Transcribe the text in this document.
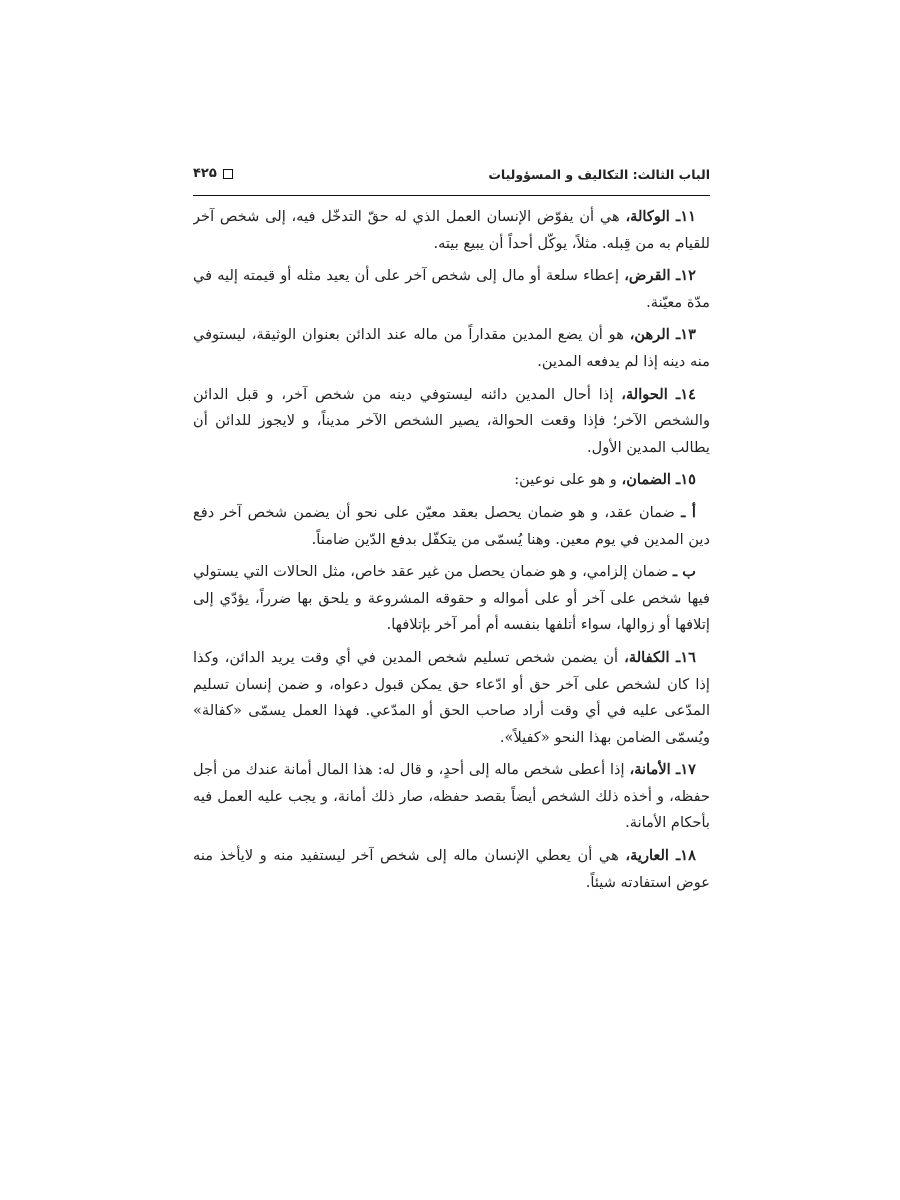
الباب الثالث: التكاليف و المسؤوليات
۴۲۵

١١ـ الوكالة، هي أن يفوّض الإنسان العمل الذي له حقّ التدخّل فيه، إلى شخص آخر للقيام به من قِبله. مثلاً، يوكّل أحداً أن يبيع بيته.

١٢ـ القرض، إعطاء سلعة أو مال إلى شخص آخر على أن يعيد مثله أو قيمته إليه في مدّة معيّنة.

١٣ـ الرهن، هو أن يضع المدين مقداراً من ماله عند الدائن بعنوان الوثيقة، ليستوفي منه دينه إذا لم يدفعه المدين.

١٤ـ الحوالة، إذا أحال المدين دائنه ليستوفي دينه من شخص آخر، و قبل الدائن والشخص الآخر؛ فإذا وقعت الحوالة، يصير الشخص الآخر مديناً، و لايجوز للدائن أن يطالب المدين الأول.

١٥ـ الضمان، و هو على نوعين:

أ ـ ضمان عقد، و هو ضمان يحصل بعقد معيّن على نحو أن يضمن شخص آخر دفع دين المدين في يوم معين. وهنا يُسمّى من يتكفّل بدفع الدّين ضامناً.

ب ـ ضمان إلزامي، و هو ضمان يحصل من غير عقد خاص، مثل الحالات التي يستولي فيها شخص على آخر أو على أمواله و حقوقه المشروعة و يلحق بها ضرراً، يؤدّي إلى إتلافها أو زوالها، سواء أتلفها بنفسه أم أمر آخر بإتلافها.

١٦ـ الكفالة، أن يضمن شخص تسليم شخص المدين في أي وقت يريد الدائن، وكذا إذا كان لشخص على آخر حق أو ادّعاء حق يمكن قبول دعواه، و ضمن إنسان تسليم المدّعى عليه في أي وقت أراد صاحب الحق أو المدّعي. فهذا العمل يسمّى «كفالة» ويُسمّى الضامن بهذا النحو «كفيلاً».

١٧ـ الأمانة، إذا أعطى شخص ماله إلى أحدٍ، و قال له: هذا المال أمانة عندك من أجل حفظه، و أخذه ذلك الشخص أيضاً بقصد حفظه، صار ذلك أمانة، و يجب عليه العمل فيه بأحكام الأمانة.

١٨ـ العارية، هي أن يعطي الإنسان ماله إلى شخص آخر ليستفيد منه و لايأخذ منه عوض استفادته شيئاً.
